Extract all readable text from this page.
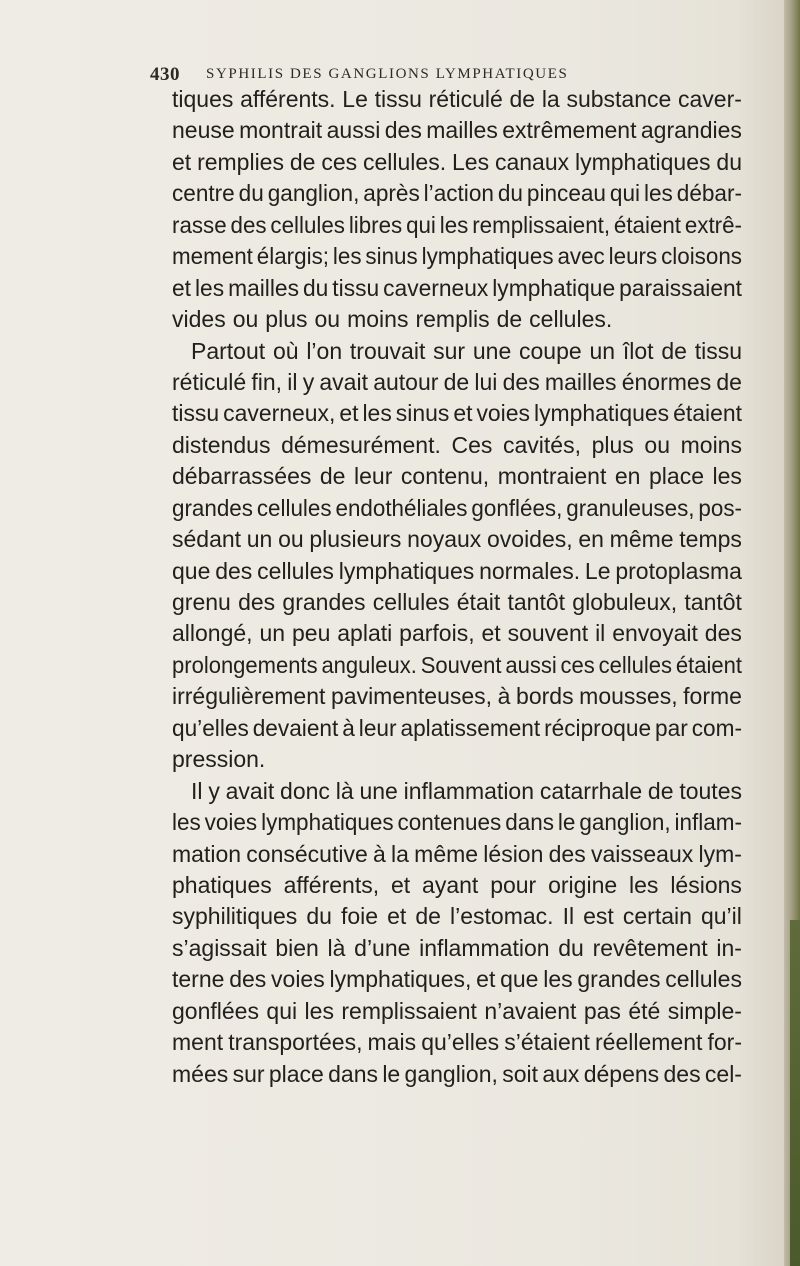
430 SYPHILIS DES GANGLIONS LYMPHATIQUES
tiques afférents. Le tissu réticulé de la substance caver-
neuse montrait aussi des mailles extrêmement agrandies
et remplies de ces cellules. Les canaux lymphatiques du
centre du ganglion, après l’action du pinceau qui les débar-
rasse des cellules libres qui les remplissaient, étaient extrê-
mement élargis; les sinus lymphatiques avec leurs cloisons
et les mailles du tissu caverneux lymphatique paraissaient
vides ou plus ou moins remplis de cellules.
Partout où l’on trouvait sur une coupe un îlot de tissu
réticulé fin, il y avait autour de lui des mailles énormes de
tissu caverneux, et les sinus et voies lymphatiques étaient
distendus démesurément. Ces cavités, plus ou moins
débarrassées de leur contenu, montraient en place les
grandes cellules endothéliales gonflées, granuleuses, pos-
sédant un ou plusieurs noyaux ovoides, en même temps
que des cellules lymphatiques normales. Le protoplasma
grenu des grandes cellules était tantôt globuleux, tantôt
allongé, un peu aplati parfois, et souvent il envoyait des
prolongements anguleux. Souvent aussi ces cellules étaient
irrégulièrement pavimenteuses, à bords mousses, forme
qu’elles devaient à leur aplatissement réciproque par com-
pression.
Il y avait donc là une inflammation catarrhale de toutes
les voies lymphatiques contenues dans le ganglion, inflam-
mation consécutive à la même lésion des vaisseaux lym-
phatiques afférents, et ayant pour origine les lésions
syphilitiques du foie et de l’estomac. Il est certain qu’il
s’agissait bien là d’une inflammation du revêtement in-
terne des voies lymphatiques, et que les grandes cellules
gonflées qui les remplissaient n’avaient pas été simple-
ment transportées, mais qu’elles s’étaient réellement for-
mées sur place dans le ganglion, soit aux dépens des cel-
